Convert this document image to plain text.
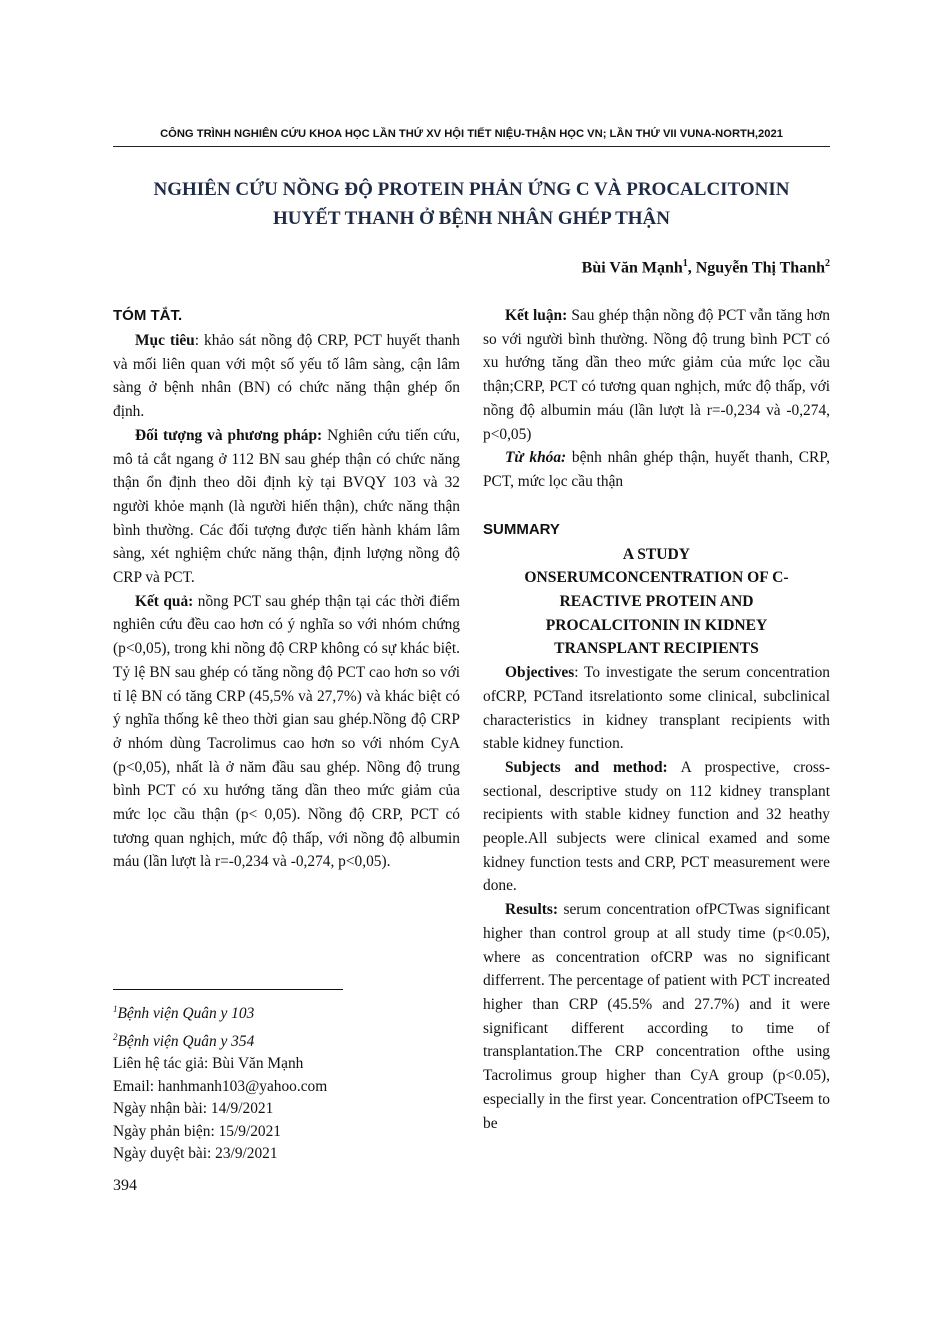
CÔNG TRÌNH NGHIÊN CỨU KHOA HỌC LẦN THỨ XV HỘI TIẾT NIỆU-THẬN HỌC VN; LẦN THỨ VII VUNA-NORTH,2021
NGHIÊN CỨU NỒNG ĐỘ PROTEIN PHẢN ỨNG C VÀ PROCALCITONIN
HUYẾT THANH Ở BỆNH NHÂN GHÉP THẬN
Bùi Văn Mạnh$^1$, Nguyễn Thị Thanh$^2$
TÓM TẮT.

Mục tiêu: khảo sát nồng độ CRP, PCT huyết thanh và mối liên quan với một số yếu tố lâm sàng, cận lâm sàng ở bệnh nhân (BN) có chức năng thận ghép ổn định.

Đối tượng và phương pháp: Nghiên cứu tiến cứu, mô tả cắt ngang ở 112 BN sau ghép thận có chức năng thận ổn định theo dõi định kỳ tại BVQY 103 và 32 người khỏe mạnh (là người hiến thận), chức năng thận bình thường. Các đối tượng được tiến hành khám lâm sàng, xét nghiệm chức năng thận, định lượng nồng độ CRP và PCT.

Kết quả: nồng PCT sau ghép thận tại các thời điểm nghiên cứu đều cao hơn có ý nghĩa so với nhóm chứng (p<0,05), trong khi nồng độ CRP không có sự khác biệt. Tỷ lệ BN sau ghép có tăng nồng độ PCT cao hơn so với tỉ lệ BN có tăng CRP (45,5% và 27,7%) và khác biệt có ý nghĩa thống kê theo thời gian sau ghép.Nồng độ CRP ở nhóm dùng Tacrolimus cao hơn so với nhóm CyA (p<0,05), nhất là ở năm đầu sau ghép. Nồng độ trung bình PCT có xu hướng tăng dần theo mức giảm của mức lọc cầu thận (p< 0,05). Nồng độ CRP, PCT có tương quan nghịch, mức độ thấp, với nồng độ albumin máu (lần lượt là r=-0,234 và -0,274, p<0,05).

Kết luận: Sau ghép thận nồng độ PCT vẫn tăng hơn so với người bình thường. Nồng độ trung bình PCT có xu hướng tăng dần theo mức giảm của mức lọc cầu thận;CRP, PCT có tương quan nghịch, mức độ thấp, với nồng độ albumin máu (lần lượt là r=-0,234 và -0,274, p<0,05)

Từ khóa: bệnh nhân ghép thận, huyết thanh, CRP, PCT, mức lọc cầu thận

SUMMARY
A STUDY
ONSERUMCONCENTRATION OF C-
REACTIVE PROTEIN AND
PROCALCITONIN IN KIDNEY
TRANSPLANT RECIPIENTS

Objectives: To investigate the serum concentration ofCRP, PCTand itsrelationto some clinical, subclinical characteristics in kidney transplant recipients with stable kidney function.

Subjects and method: A prospective, cross-sectional, descriptive study on 112 kidney transplant recipients with stable kidney function and 32 heathy people.All subjects were clinical examed and some kidney function tests and CRP, PCT measurement were done.

Results: serum concentration ofPCTwas significant higher than control group at all study time (p<0.05), where as concentration ofCRP was no significant differrent. The percentage of patient with PCT increated higher than CRP (45.5% and 27.7%) and it were significant different according to time of transplantation.The CRP concentration ofthe using Tacrolimus group higher than CyA group (p<0.05), especially in the first year. Concentration ofPCTseem to be

$^1$Bệnh viện Quân y 103
$^2$Bệnh viện Quân y 354
Liên hệ tác giả: Bùi Văn Mạnh
Email: hanhmanh103@yahoo.com
Ngày nhận bài: 14/9/2021
Ngày phản biện: 15/9/2021
Ngày duyệt bài: 23/9/2021
394
